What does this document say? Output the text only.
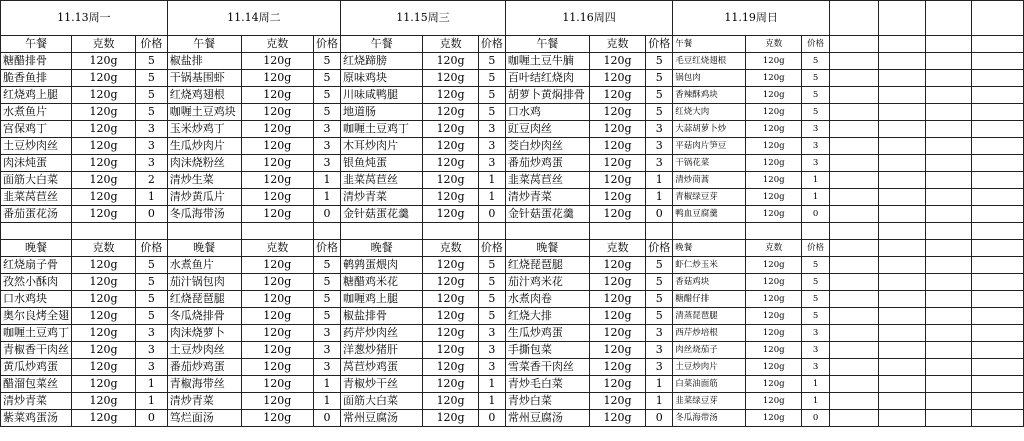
11.13周一			11.14周二			11.15周三			11.16周四			11.19周日						
午餐	克数	价格	午餐	克数	价格	午餐	克数	价格	午餐	克数	价格	午餐	克数	价格				
糖醋排骨	120g	5	椒盐排	120g	5	红烧蹄膀	120g	5	咖喱土豆牛腩	120g	5	毛豆红烧翅根	120g	5				
脆香鱼排	120g	5	干锅基围虾	120g	5	原味鸡块	120g	5	百叶结红烧肉	120g	5	锅包肉	120g	5				
红烧鸡上腿	120g	5	红烧鸡翅根	120g	5	川味咸鸭腿	120g	5	胡萝卜黄焖排骨	120g	5	香辣酥鸡块	120g	5				
水煮鱼片	120g	5	咖喱土豆鸡块	120g	5	地道肠	120g	5	口水鸡	120g	5	红烧大肉	120g	5				
宫保鸡丁	120g	3	玉米炒鸡丁	120g	3	咖喱土豆鸡丁	120g	3	豇豆肉丝	120g	3	大蒜胡萝卜炒	120g	3				
土豆炒肉丝	120g	3	生瓜炒肉片	120g	3	木耳炒肉片	120g	3	茭白炒肉丝	120g	3	平菇肉片笋豆	120g	3				
肉沫炖蛋	120g	3	肉沫烧粉丝	120g	3	银鱼炖蛋	120g	3	番茄炒鸡蛋	120g	3	干锅花菜	120g	3				
面筋大白菜	120g	2	清炒生菜	120g	1	韭菜莴苣丝	120g	1	韭菜莴苣丝	120g	1	清炒茼蒿	120g	1				
韭菜莴苣丝	120g	1	清炒黄瓜片	120g	1	清炒青菜	120g	1	清炒青菜	120g	1	青椒绿豆芽	120g	1				
番茄蛋花汤	120g	0	冬瓜海带汤	120g	0	金针菇蛋花羹	120g	0	金针菇蛋花羹	120g	0	鸭血豆腐羹	120g	0				

晚餐	克数	价格	晚餐	克数	价格	晚餐	克数	价格	晚餐	克数	价格	晚餐	克数	价格				
红烧扇子骨	120g	5	水煮鱼片	120g	5	鹌鹑蛋煨肉	120g	5	红烧琵琶腿	120g	5	虾仁炒玉米	120g	5				
孜然小酥肉	120g	5	茄汁锅包肉	120g	5	糖醋鸡米花	120g	5	茄汁鸡米花	120g	5	香菇鸡块	120g	5				
口水鸡块	120g	5	红烧琵琶腿	120g	5	咖喱鸡上腿	120g	5	水煮肉卷	120g	5	糖醋仔排	120g	5				
奥尔良烤全翅	120g	5	冬瓜烧排骨	120g	5	椒盐排骨	120g	5	红烧大排	120g	5	清蒸琵琶腿	120g	5				
咖喱土豆鸡丁	120g	3	肉沫烧萝卜	120g	3	药芹炒肉丝	120g	3	生瓜炒鸡蛋	120g	3	西芹炒培根	120g	3				
青椒香干肉丝	120g	3	土豆炒肉丝	120g	3	洋葱炒猪肝	120g	3	手撕包菜	120g	3	肉丝烧茄子	120g	3				
黄瓜炒鸡蛋	120g	3	番茄炒鸡蛋	120g	3	莴苣炒鸡蛋	120g	3	雪菜香干肉丝	120g	3	土豆炒肉片	120g	3				
醋溜包菜丝	120g	1	青椒海带丝	120g	1	青椒炒干丝	120g	1	青炒毛白菜	120g	1	白菜油面筋	120g	1				
清炒青菜	120g	1	清炒青菜	120g	1	面筋大白菜	120g	1	青炒白菜	120g	1	韭菜绿豆芽	120g	1				
紫菜鸡蛋汤	120g	0	笃烂面汤	120g	0	常州豆腐汤	120g	0	常州豆腐汤	120g	0	冬瓜海带汤	120g	0				
